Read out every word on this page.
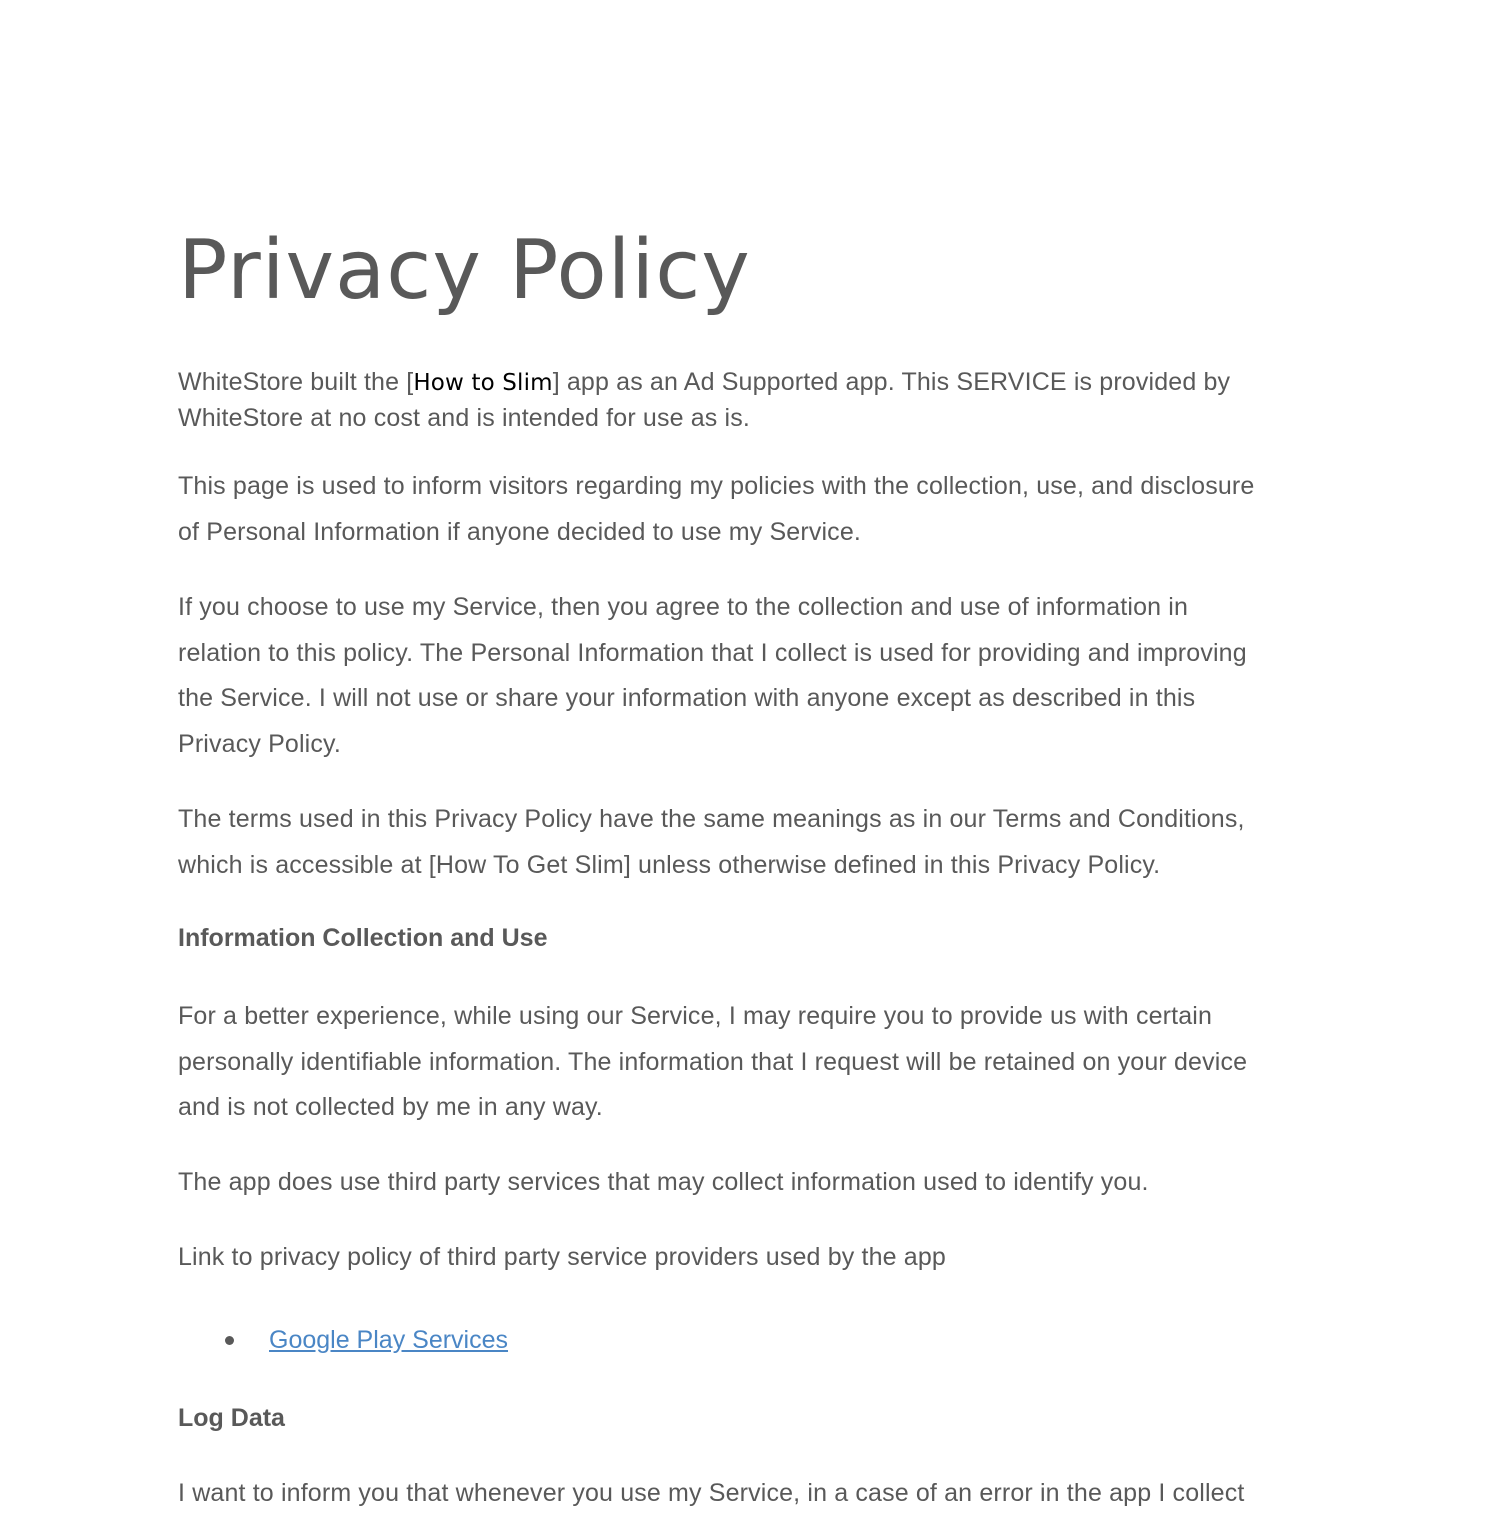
Privacy Policy

WhiteStore built the [How to Slim] app as an Ad Supported app. This SERVICE is provided by
WhiteStore at no cost and is intended for use as is.

This page is used to inform visitors regarding my policies with the collection, use, and disclosure
of Personal Information if anyone decided to use my Service.

If you choose to use my Service, then you agree to the collection and use of information in
relation to this policy. The Personal Information that I collect is used for providing and improving
the Service. I will not use or share your information with anyone except as described in this
Privacy Policy.

The terms used in this Privacy Policy have the same meanings as in our Terms and Conditions,
which is accessible at [How To Get Slim] unless otherwise defined in this Privacy Policy.

Information Collection and Use

For a better experience, while using our Service, I may require you to provide us with certain
personally identifiable information. The information that I request will be retained on your device
and is not collected by me in any way.

The app does use third party services that may collect information used to identify you.

Link to privacy policy of third party service providers used by the app

Google Play Services
Log Data

I want to inform you that whenever you use my Service, in a case of an error in the app I collect
